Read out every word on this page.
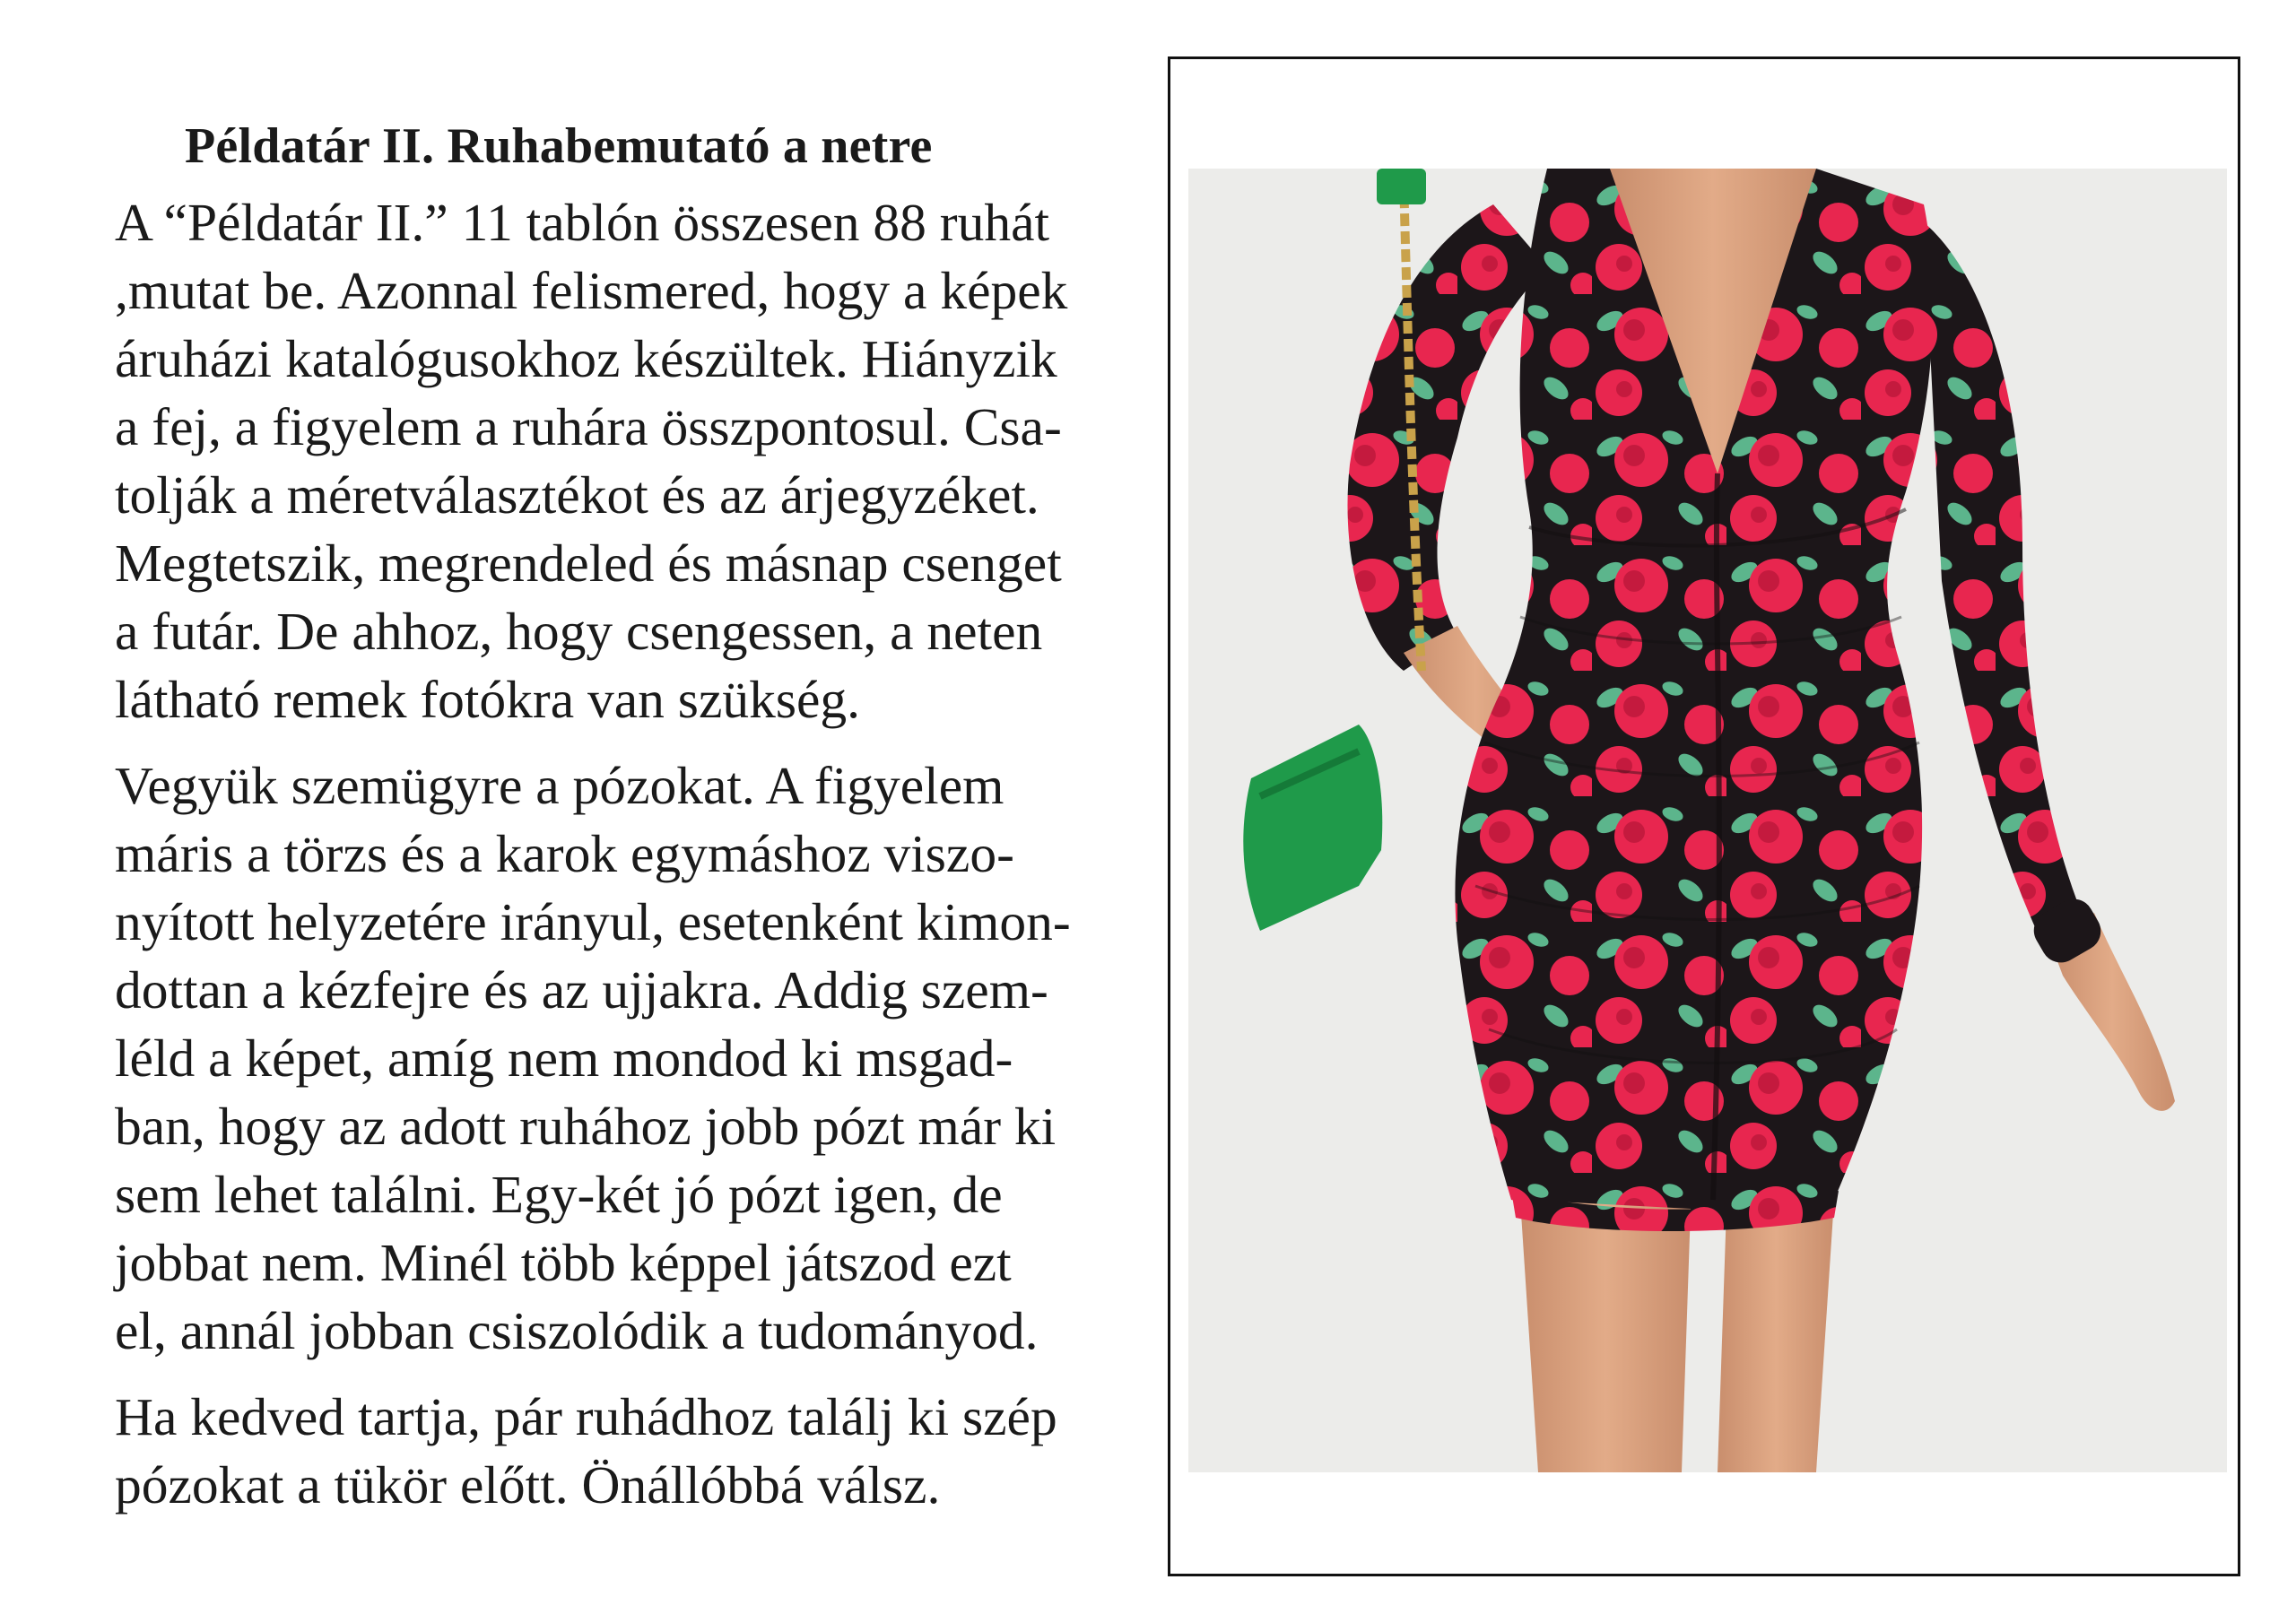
Példatár II. Ruhabemutató a netre

A “Példatár II.” 11 tablón összesen 88 ruhát
,mutat be. Azonnal felismered, hogy a képek
áruházi katalógusokhoz készültek. Hiányzik
a fej, a figyelem a ruhára összpontosul. Csa-
tolják a méretválasztékot és az árjegyzéket.
Megtetszik, megrendeled és másnap csenget
a futár. De ahhoz, hogy csengessen, a neten
látható remek fotókra van szükség.

Vegyük szemügyre a pózokat. A figyelem
máris a törzs és a karok egymáshoz viszo-
nyított helyzetére irányul, esetenként kimon-
dottan a kézfejre és az ujjakra. Addig szem-
léld a képet, amíg nem mondod ki msgad-
ban, hogy az adott ruhához jobb pózt már ki
sem lehet találni. Egy-két jó pózt igen, de
jobbat nem. Minél több képpel játszod ezt
el, annál jobban csiszolódik a tudományod.

Ha kedved tartja, pár ruhádhoz találj ki szép
pózokat a tükör előtt. Önállóbbá válsz.
